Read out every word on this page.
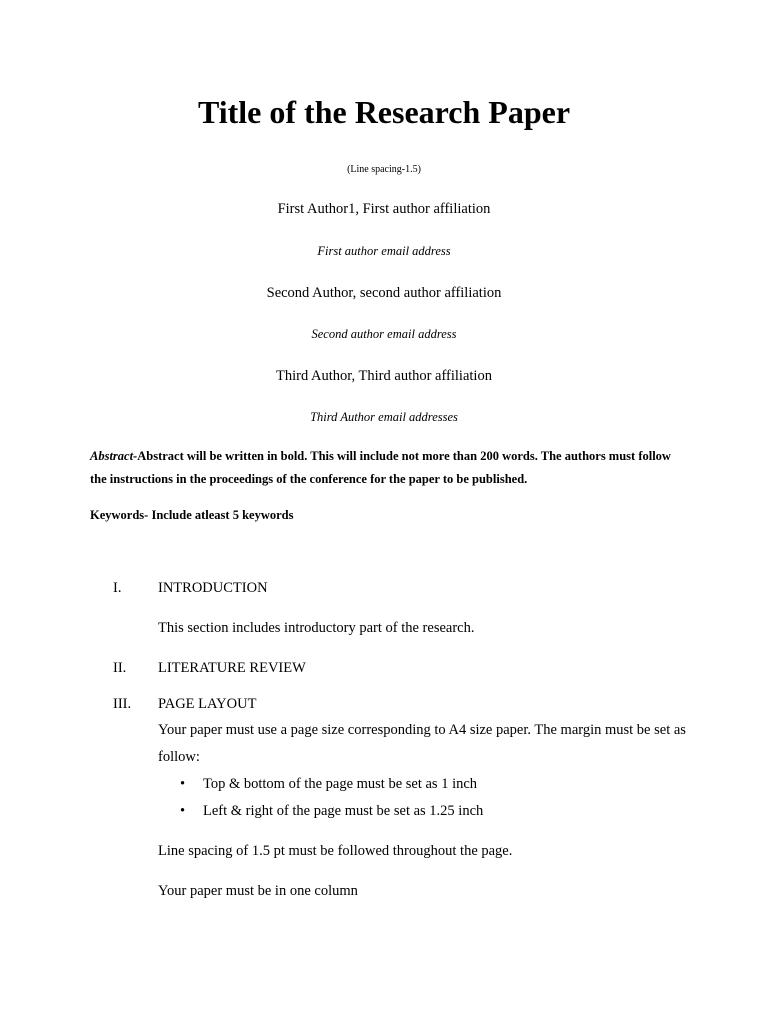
Title of the Research Paper
(Line spacing-1.5)
First Author1, First author affiliation
First author email address
Second Author, second author affiliation
Second author email address
Third Author, Third author affiliation
Third Author email addresses
Abstract-Abstract will be written in bold. This will include not more than 200 words. The authors must follow the instructions in the proceedings of the conference for the paper to be published.
Keywords- Include atleast 5 keywords
I.	INTRODUCTION
This section includes introductory part of the research.
II. LITERATURE REVIEW
III. PAGE LAYOUT
Your paper must use a page size corresponding to A4 size paper. The margin must be set as follow:
• Top & bottom of the page must be set as 1 inch
• Left & right of the page must be set as 1.25 inch
Line spacing of 1.5 pt must be followed throughout the page.
Your paper must be in one column
